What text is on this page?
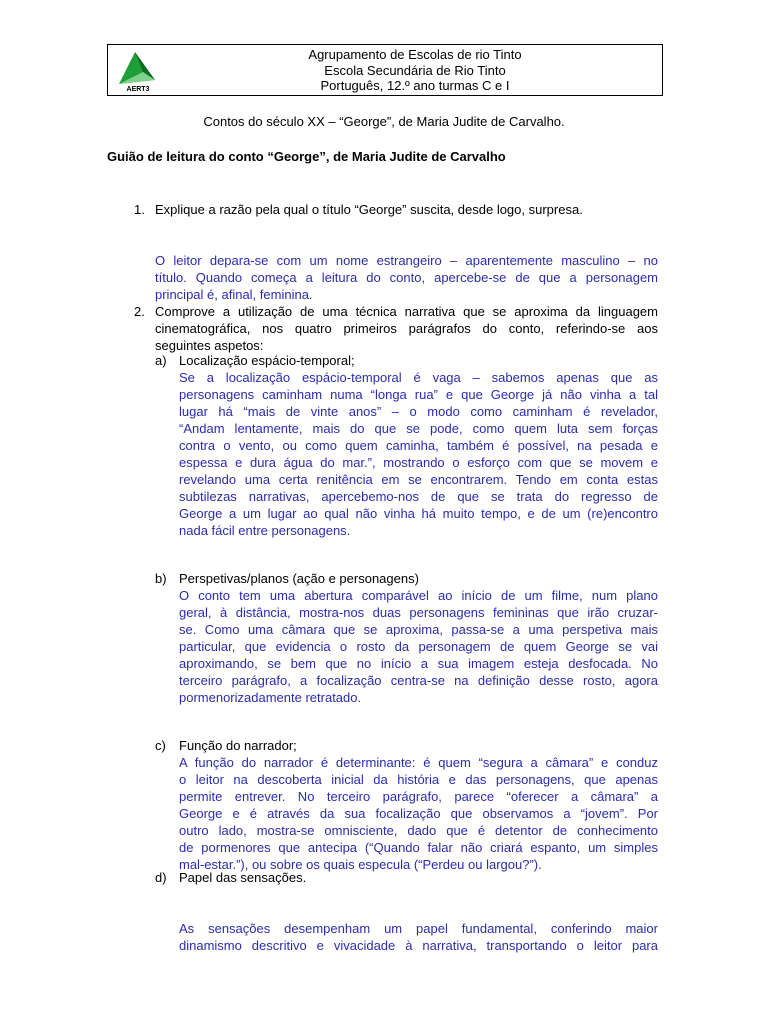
AERT3
Agrupamento de Escolas de rio Tinto
Escola Secundária de Rio Tinto
Português, 12.º ano turmas C e I
Contos do século XX – “George”, de Maria Judite de Carvalho.
Guião de leitura do conto “George”, de Maria Judite de Carvalho
1. Explique a razão pela qual o título “George” suscita, desde logo, surpresa.
O leitor depara-se com um nome estrangeiro – aparentemente masculino – no
título. Quando começa a leitura do conto, apercebe-se de que a personagem
principal é, afinal, feminina.
2. Comprove a utilização de uma técnica narrativa que se aproxima da linguagem
cinematográfica, nos quatro primeiros parágrafos do conto, referindo-se aos
seguintes aspetos:
a) Localização espácio-temporal;
Se a localização espácio-temporal é vaga – sabemos apenas que as
personagens caminham numa “longa rua” e que George já não vinha a tal
lugar há “mais de vinte anos” – o modo como caminham é revelador,
“Andam lentamente, mais do que se pode, como quem luta sem forças
contra o vento, ou como quem caminha, também é possível, na pesada e
espessa e dura água do mar.”, mostrando o esforço com que se movem e
revelando uma certa renitência em se encontrarem. Tendo em conta estas
subtilezas narrativas, apercebemo-nos de que se trata do regresso de
George a um lugar ao qual não vinha há muito tempo, e de um (re)encontro
nada fácil entre personagens.
b) Perspetivas/planos (ação e personagens)
O conto tem uma abertura comparável ao início de um filme, num plano
geral, à distância, mostra-nos duas personagens femininas que irão cruzar-
se. Como uma câmara que se aproxima, passa-se a uma perspetiva mais
particular, que evidencia o rosto da personagem de quem George se vai
aproximando, se bem que no início a sua imagem esteja desfocada. No
terceiro parágrafo, a focalização centra-se na definição desse rosto, agora
pormenorizadamente retratado.
c) Função do narrador;
A função do narrador é determinante: é quem “segura a câmara” e conduz
o leitor na descoberta inicial da história e das personagens, que apenas
permite entrever. No terceiro parágrafo, parece “oferecer a câmara” a
George e é através da sua focalização que observamos a “jovem”. Por
outro lado, mostra-se omnisciente, dado que é detentor de conhecimento
de pormenores que antecipa (“Quando falar não criará espanto, um simples
mal-estar.”), ou sobre os quais especula (“Perdeu ou largou?”).
d) Papel das sensações.
As sensações desempenham um papel fundamental, conferindo maior
dinamismo descritivo e vivacidade à narrativa, transportando o leitor para
